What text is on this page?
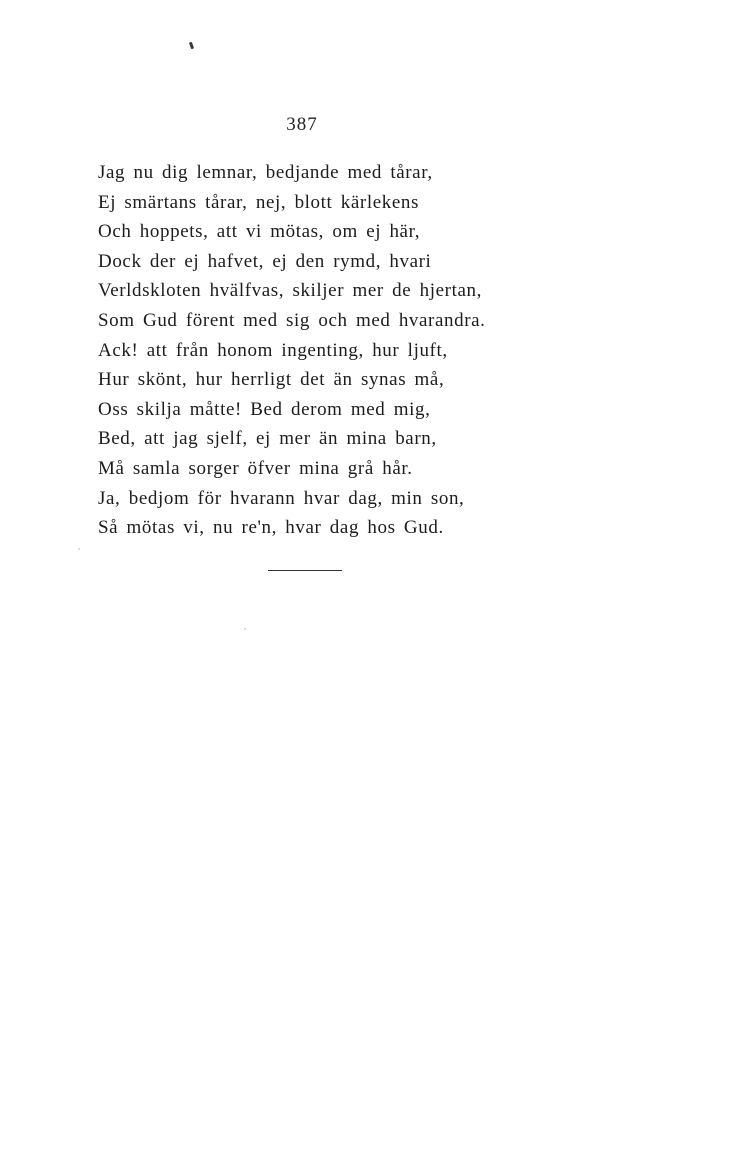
387
Jag nu dig lemnar, bedjande med tårar,
Ej smärtans tårar, nej, blott kärlekens
Och hoppets, att vi mötas, om ej här,
Dock der ej hafvet, ej den rymd, hvari
Verldskloten hvälfvas, skiljer mer de hjertan,
Som Gud förent med sig och med hvarandra.
Ack! att från honom ingenting, hur ljuft,
Hur skönt, hur herrligt det än synas må,
Oss skilja måtte! Bed derom med mig,
Bed, att jag sjelf, ej mer än mina barn,
Må samla sorger öfver mina grå hår.
Ja, bedjom för hvarann hvar dag, min son,
Så mötas vi, nu re'n, hvar dag hos Gud.
